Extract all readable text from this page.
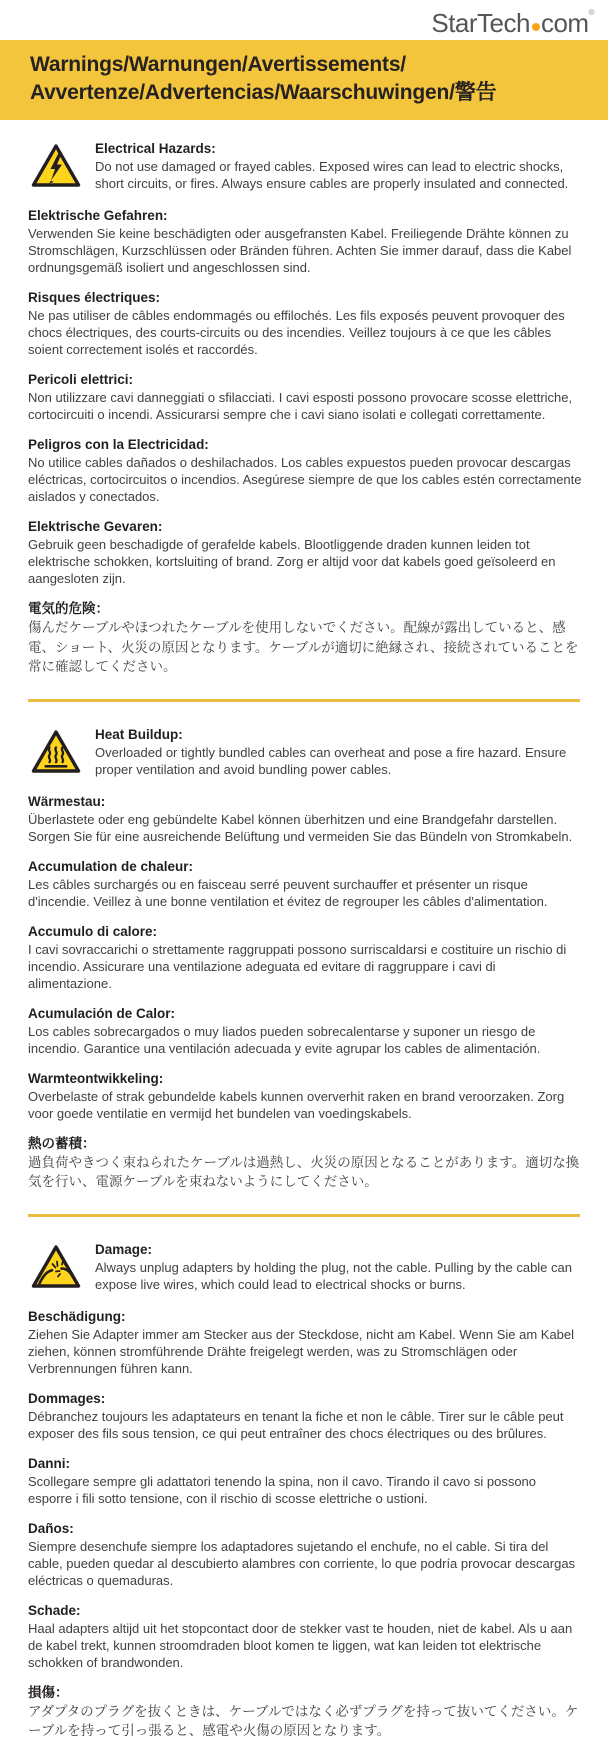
StarTech com®
Warnings/Warnungen/Avertissements/
Avvertenze/Advertencias/Waarschuwingen/警告
Electrical Hazards:
Do not use damaged or frayed cables. Exposed wires can lead to electric shocks, short circuits, or fires. Always ensure cables are properly insulated and connected.
Elektrische Gefahren:
Verwenden Sie keine beschädigten oder ausgefransten Kabel. Freiliegende Drähte können zu Stromschlägen, Kurzschlüssen oder Bränden führen. Achten Sie immer darauf, dass die Kabel ordnungsgemäß isoliert und angeschlossen sind.
Risques électriques:
Ne pas utiliser de câbles endommagés ou effilochés. Les fils exposés peuvent provoquer des chocs électriques, des courts-circuits ou des incendies. Veillez toujours à ce que les câbles soient correctement isolés et raccordés.
Pericoli elettrici:
Non utilizzare cavi danneggiati o sfilacciati. I cavi esposti possono provocare scosse elettriche, cortocircuiti o incendi. Assicurarsi sempre che i cavi siano isolati e collegati correttamente.
Peligros con la Electricidad:
No utilice cables dañados o deshilachados. Los cables expuestos pueden provocar descargas eléctricas, cortocircuitos o incendios. Asegúrese siempre de que los cables estén correctamente aislados y conectados.
Elektrische Gevaren:
Gebruik geen beschadigde of gerafelde kabels. Blootliggende draden kunnen leiden tot elektrische schokken, kortsluiting of brand. Zorg er altijd voor dat kabels goed geïsoleerd en aangesloten zijn.
電気的危険：
傷んだケーブルやほつれたケーブルを使用しないでください。配線が露出していると、感電、ショート、火災の原因となります。ケーブルが適切に絶縁され、接続されていることを常に確認してください。
Heat Buildup:
Overloaded or tightly bundled cables can overheat and pose a fire hazard. Ensure proper ventilation and avoid bundling power cables.
Wärmestau:
Überlastete oder eng gebündelte Kabel können überhitzen und eine Brandgefahr darstellen. Sorgen Sie für eine ausreichende Belüftung und vermeiden Sie das Bündeln von Stromkabeln.
Accumulation de chaleur:
Les câbles surchargés ou en faisceau serré peuvent surchauffer et présenter un risque d'incendie. Veillez à une bonne ventilation et évitez de regrouper les câbles d'alimentation.
Accumulo di calore:
I cavi sovraccarichi o strettamente raggruppati possono surriscaldarsi e costituire un rischio di incendio. Assicurare una ventilazione adeguata ed evitare di raggruppare i cavi di alimentazione.
Acumulación de Calor:
Los cables sobrecargados o muy liados pueden sobrecalentarse y suponer un riesgo de incendio. Garantice una ventilación adecuada y evite agrupar los cables de alimentación.
Warmteontwikkeling:
Overbelaste of strak gebundelde kabels kunnen oververhit raken en brand veroorzaken. Zorg voor goede ventilatie en vermijd het bundelen van voedingskabels.
熱の蓄積：
過負荷やきつく束ねられたケーブルは過熱し、火災の原因となることがあります。適切な換気を行い、電源ケーブルを束ねないようにしてください。
Damage:
Always unplug adapters by holding the plug, not the cable. Pulling by the cable can expose live wires, which could lead to electrical shocks or burns.
Beschädigung:
Ziehen Sie Adapter immer am Stecker aus der Steckdose, nicht am Kabel. Wenn Sie am Kabel ziehen, können stromführende Drähte freigelegt werden, was zu Stromschlägen oder Verbrennungen führen kann.
Dommages:
Débranchez toujours les adaptateurs en tenant la fiche et non le câble. Tirer sur le câble peut exposer des fils sous tension, ce qui peut entraîner des chocs électriques ou des brûlures.
Danni:
Scollegare sempre gli adattatori tenendo la spina, non il cavo. Tirando il cavo si possono esporre i fili sotto tensione, con il rischio di scosse elettriche o ustioni.
Daños:
Siempre desenchufe siempre los adaptadores sujetando el enchufe, no el cable. Si tira del cable, pueden quedar al descubierto alambres con corriente, lo que podría provocar descargas eléctricas o quemaduras.
Schade:
Haal adapters altijd uit het stopcontact door de stekker vast te houden, niet de kabel. Als u aan de kabel trekt, kunnen stroomdraden bloot komen te liggen, wat kan leiden tot elektrische schokken of brandwonden.
損傷：
アダプタのプラグを抜くときは、ケーブルではなく必ずプラグを持って抜いてください。ケーブルを持って引っ張ると、感電や火傷の原因となります。
